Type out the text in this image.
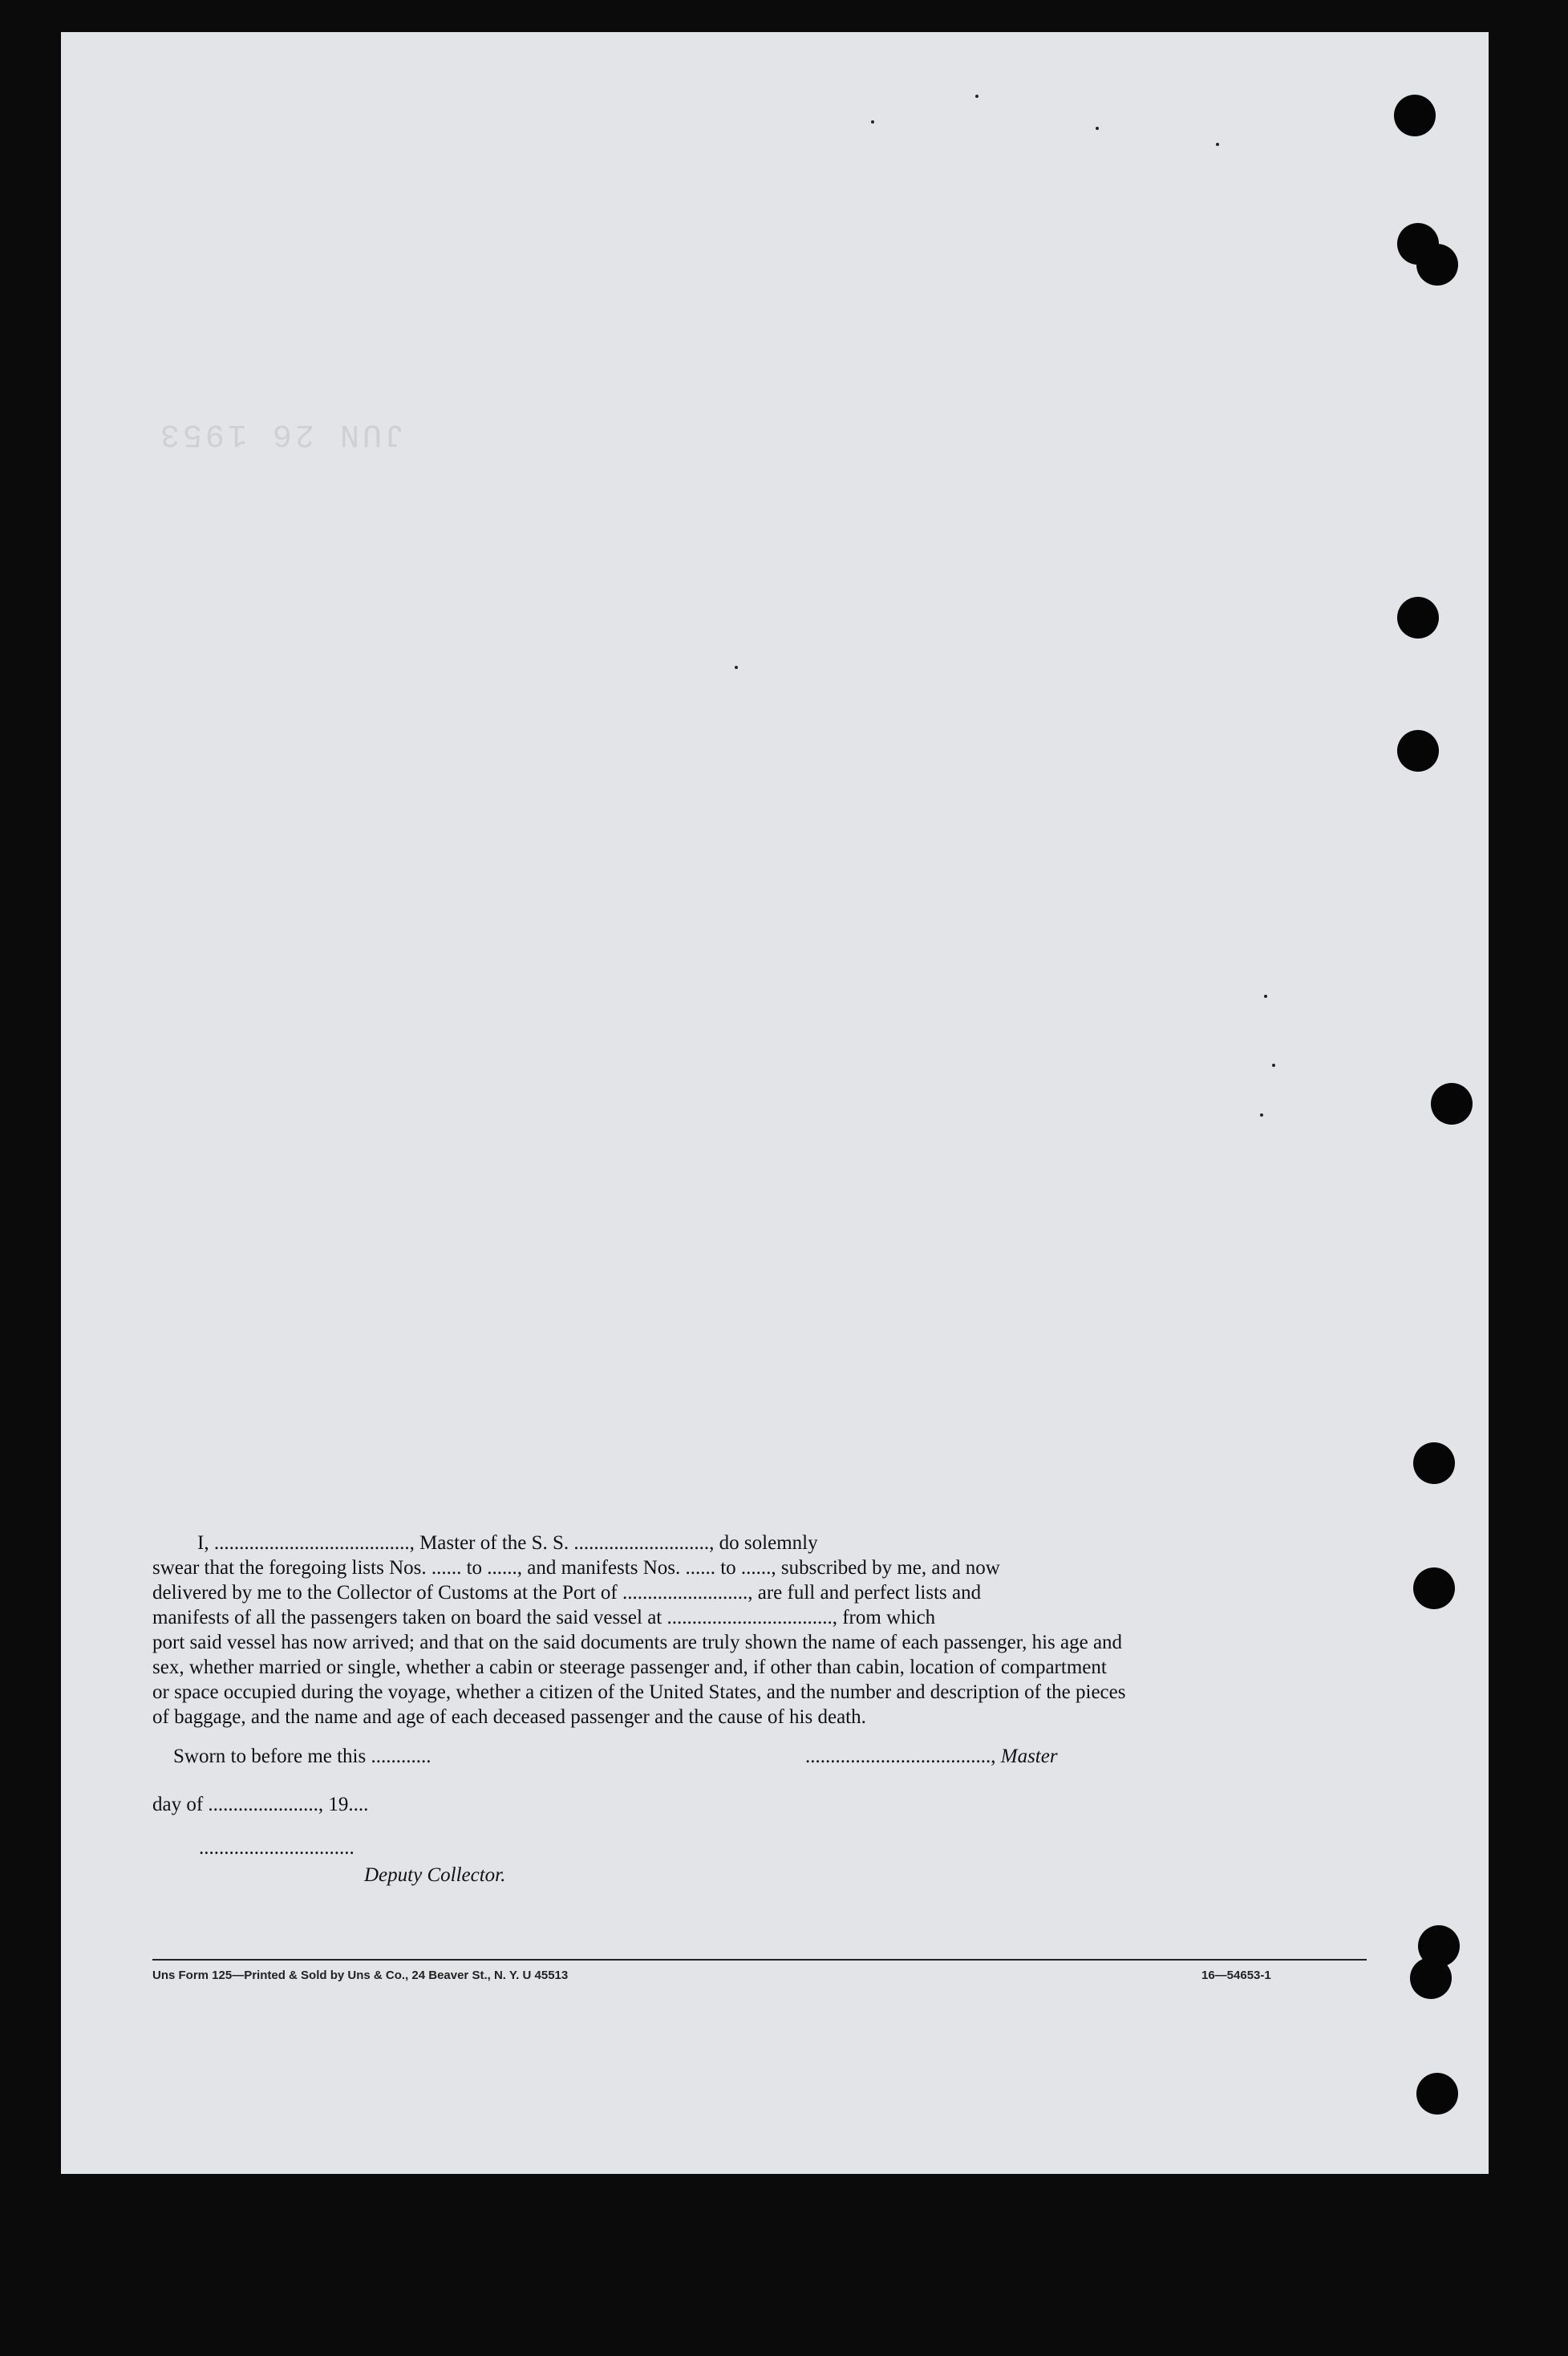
JUN 26 1953
I, ......................................., Master of the S. S. ..........................., do solemnly
swear that the foregoing lists Nos. ...... to ......, and manifests Nos. ...... to ......, subscribed by me, and now
delivered by me to the Collector of Customs at the Port of ........................., are full and perfect lists and
manifests of all the passengers taken on board the said vessel at ................................., from which
port said vessel has now arrived; and that on the said documents are truly shown the name of each passenger, his age and
sex, whether married or single, whether a cabin or steerage passenger and, if other than cabin, location of compartment
or space occupied during the voyage, whether a citizen of the United States, and the number and description of the pieces
of baggage, and the name and age of each deceased passenger and the cause of his death.
Sworn to before me this ............	....................................., Master
day of ......................, 19....
...............................
Deputy Collector.
Uns Form 125—Printed & Sold by Uns & Co., 24 Beaver St., N. Y. U 45513	16—54653-1
